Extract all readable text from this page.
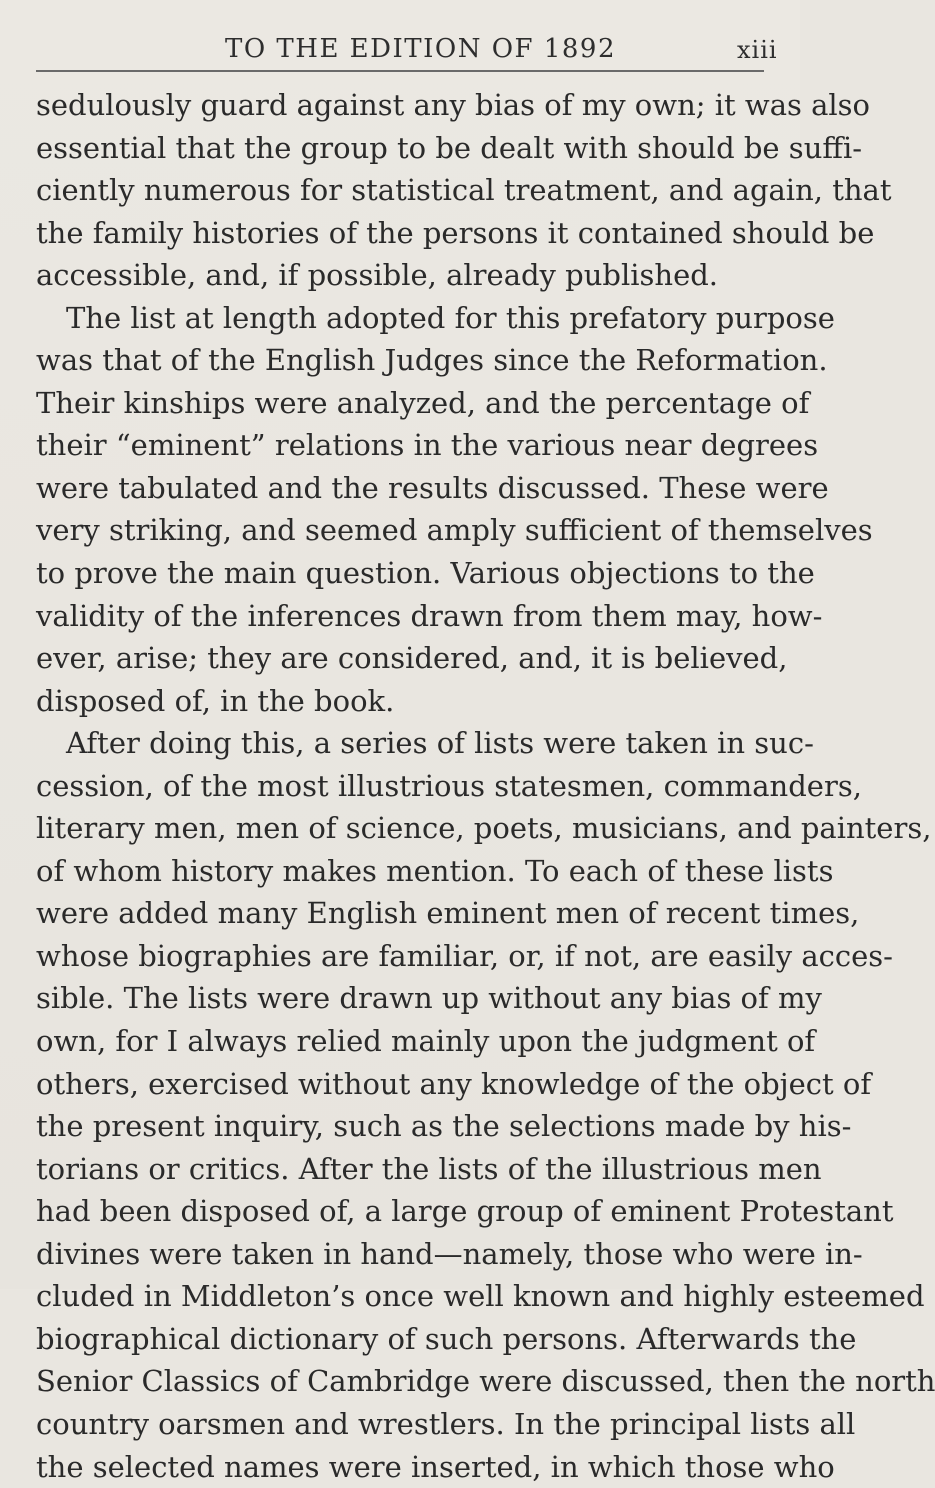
TO THE EDITION OF 1892	xiii
sedulously guard against any bias of my own; it was also
essential that the group to be dealt with should be suffi-
ciently numerous for statistical treatment, and again, that
the family histories of the persons it contained should be
accessible, and, if possible, already published.
The list at length adopted for this prefatory purpose
was that of the English Judges since the Reformation.
Their kinships were analyzed, and the percentage of
their “eminent” relations in the various near degrees
were tabulated and the results discussed. These were
very striking, and seemed amply sufficient of themselves
to prove the main question. Various objections to the
validity of the inferences drawn from them may, how-
ever, arise; they are considered, and, it is believed,
disposed of, in the book.
After doing this, a series of lists were taken in suc-
cession, of the most illustrious statesmen, commanders,
literary men, men of science, poets, musicians, and painters,
of whom history makes mention. To each of these lists
were added many English eminent men of recent times,
whose biographies are familiar, or, if not, are easily acces-
sible. The lists were drawn up without any bias of my
own, for I always relied mainly upon the judgment of
others, exercised without any knowledge of the object of
the present inquiry, such as the selections made by his-
torians or critics. After the lists of the illustrious men
had been disposed of, a large group of eminent Protestant
divines were taken in hand—namely, those who were in-
cluded in Middleton’s once well known and highly esteemed
biographical dictionary of such persons. Afterwards the
Senior Classics of Cambridge were discussed, then the north
country oarsmen and wrestlers. In the principal lists all
the selected names were inserted, in which those who
